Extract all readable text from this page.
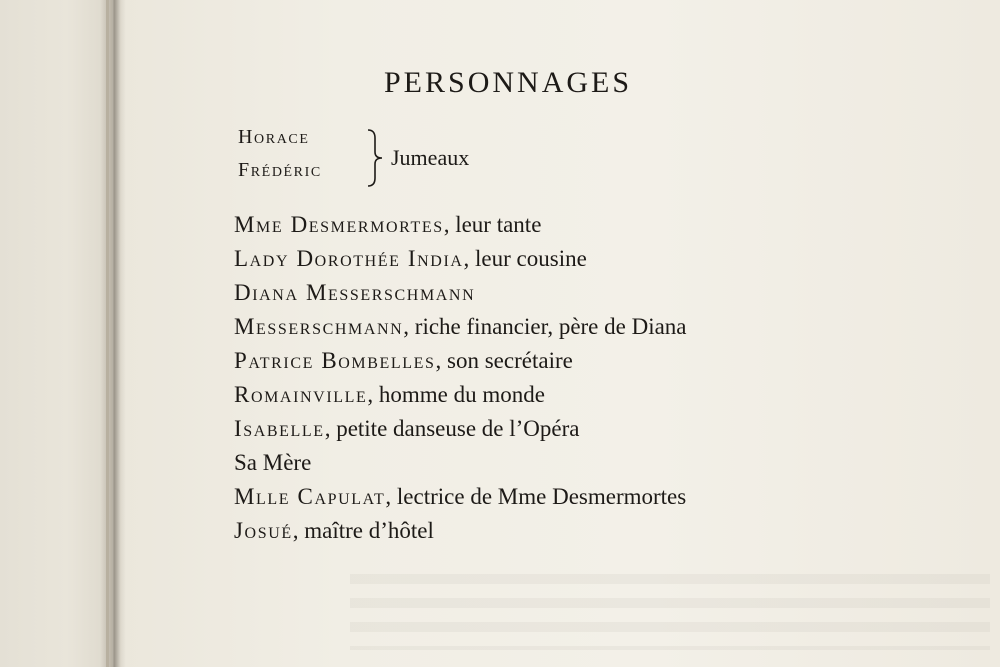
PERSONNAGES
Horace
Frédéric	Jumeaux
Mme Desmermortes, leur tante
Lady Dorothée India, leur cousine
Diana Messerschmann
Messerschmann, riche financier, père de Diana
Patrice Bombelles, son secrétaire
Romainville, homme du monde
Isabelle, petite danseuse de l’Opéra
Sa Mère
Mlle Capulat, lectrice de Mme Desmermortes
Josué, maître d’hôtel
